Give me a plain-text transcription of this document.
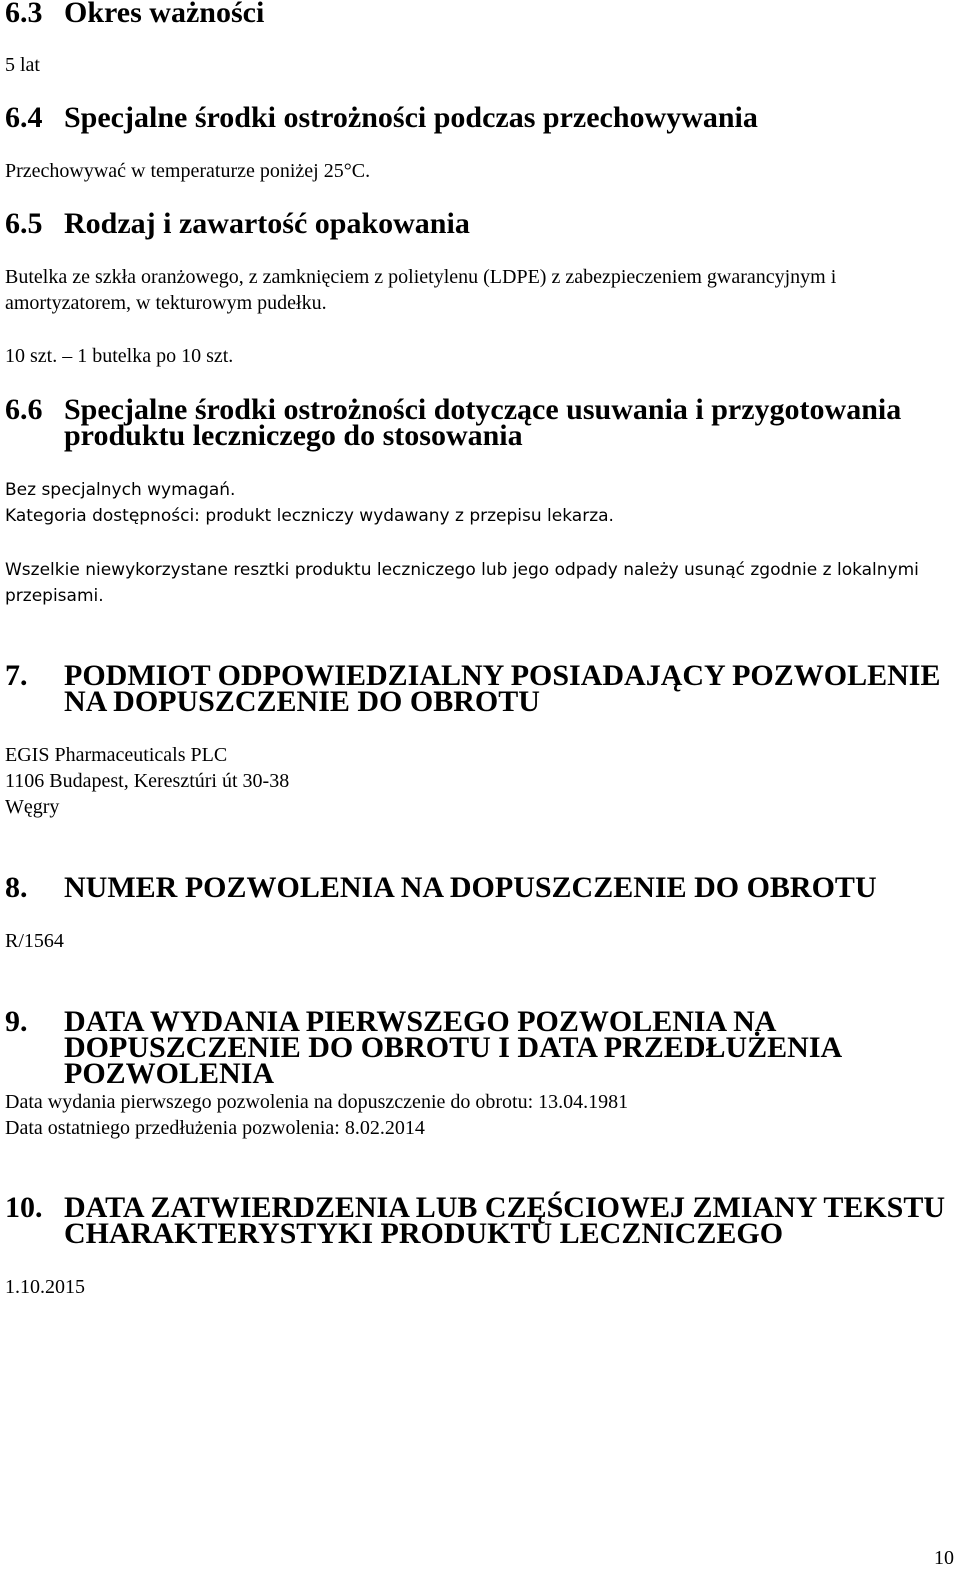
6.3 Okres ważności

5 lat

6.4 Specjalne środki ostrożności podczas przechowywania

Przechowywać w temperaturze poniżej 25°C.

6.5 Rodzaj i zawartość opakowania

Butelka ze szkła oranżowego, z zamknięciem z polietylenu (LDPE) z zabezpieczeniem gwarancyjnym i amortyzatorem, w tekturowym pudełku.

10 szt. – 1 butelka po 10 szt.

6.6 Specjalne środki ostrożności dotyczące usuwania i przygotowania produktu leczniczego do stosowania

Bez specjalnych wymagań.
Kategoria dostępności: produkt leczniczy wydawany z przepisu lekarza.

Wszelkie niewykorzystane resztki produktu leczniczego lub jego odpady należy usunąć zgodnie z lokalnymi przepisami.

7.	PODMIOT ODPOWIEDZIALNY POSIADAJĄCY POZWOLENIE NA DOPUSZCZENIE DO OBROTU

EGIS Pharmaceuticals PLC
1106 Budapest, Keresztúri út 30-38
Węgry

8.	NUMER POZWOLENIA NA DOPUSZCZENIE DO OBROTU

R/1564

9.	DATA WYDANIA PIERWSZEGO POZWOLENIA NA DOPUSZCZENIE DO OBROTU I DATA PRZEDŁUŻENIA POZWOLENIA

Data wydania pierwszego pozwolenia na dopuszczenie do obrotu: 13.04.1981
Data ostatniego przedłużenia pozwolenia: 8.02.2014

10. DATA ZATWIERDZENIA LUB CZĘŚCIOWEJ ZMIANY TEKSTU CHARAKTERYSTYKI PRODUKTU LECZNICZEGO

1.10.2015

10
